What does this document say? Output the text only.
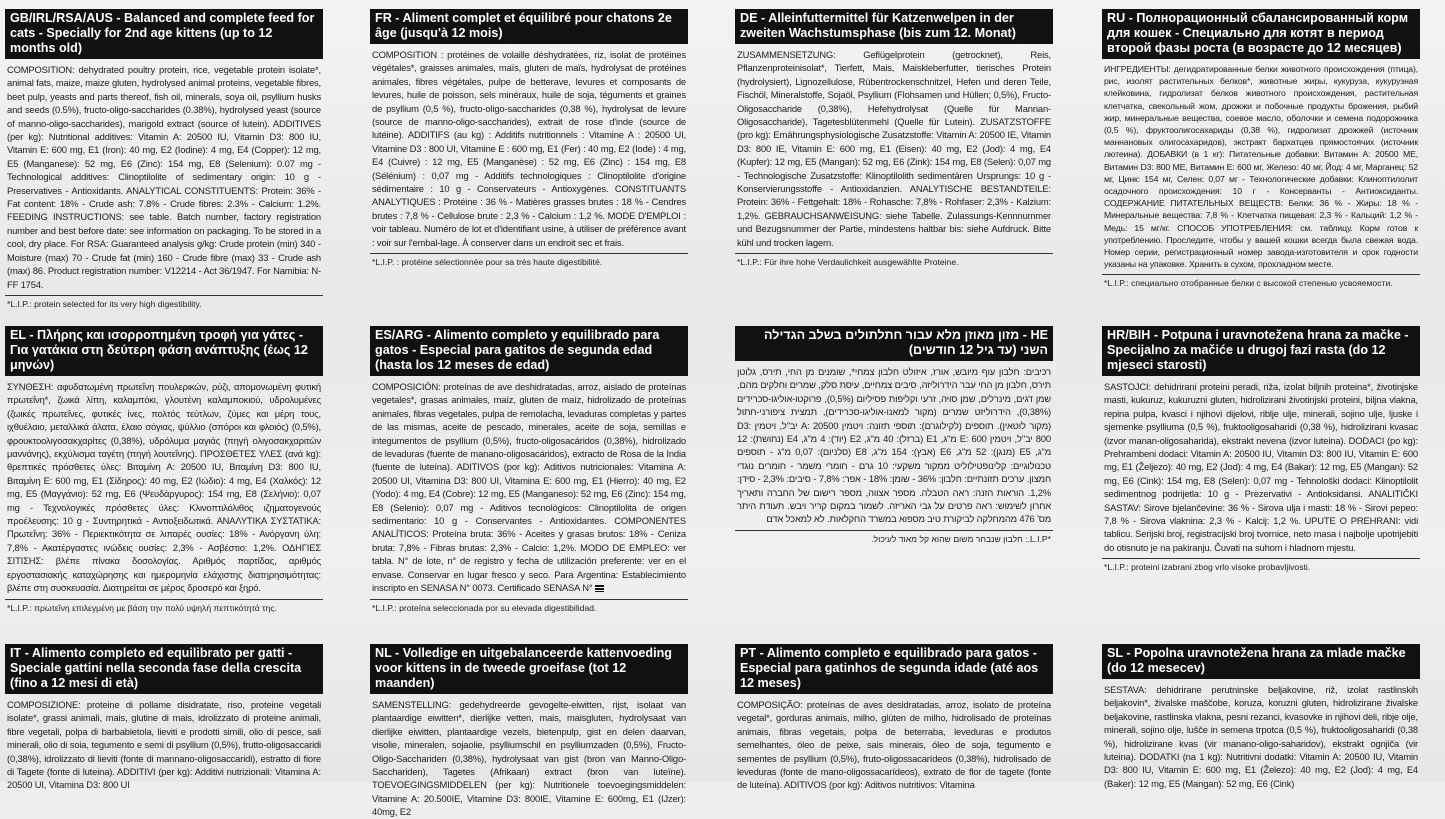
GB/IRL/RSA/AUS - Balanced and complete feed for cats - Specially for 2nd age kittens (up to 12 months old)
COMPOSITION: dehydrated poultry protein, rice, vegetable protein isolate*, animal fats, maize, maize gluten, hydrolysed animal proteins, vegetable fibres, beet pulp, yeasts and parts thereof, fish oil, minerals, soya oil, psyllium husks and seeds (0.5%), fructo-oligo-saccharides (0.38%), hydrolysed yeast (source of manno-oligo-saccharides), marigold extract (source of lutein). ADDITIVES (per kg): Nutritional additives: Vitamin A: 20500 IU, Vitamin D3: 800 IU, Vitamin E: 600 mg, E1 (Iron): 40 mg, E2 (Iodine): 4 mg, E4 (Copper): 12 mg, E5 (Manganese): 52 mg, E6 (Zinc): 154 mg, E8 (Selenium): 0.07 mg - Technological additives: Clinoptilolite of sedimentary origin: 10 g - Preservatives - Antioxidants. ANALYTICAL CONSTITUENTS: Protein: 36% - Fat content: 18% - Crude ash: 7.8% - Crude fibres: 2.3% - Calcium: 1.2%. FEEDING INSTRUCTIONS: see table. Batch number, factory registration number and best before date: see information on packaging. To be stored in a cool, dry place. For RSA: Guaranteed analysis g/kg: Crude protein (min) 340 - Moisture (max) 70 - Crude fat (min) 160 - Crude fibre (max) 33 - Crude ash (max) 86. Product registration number: V12214 - Act 36/1947. For Namibia: N-FF 1754.
*L.I.P.: protein selected for its very high digestibility.
FR - Aliment complet et équilibré pour chatons 2e âge (jusqu'à 12 mois)
COMPOSITION : protéines de volaille déshydratées, riz, isolat de protéines végétales*, graisses animales, maïs, gluten de maïs, hydrolysat de protéines animales, fibres végétales, pulpe de betterave, levures et composants de levures, huile de poisson, sels minéraux, huile de soja, téguments et graines de psyllium (0,5 %), fructo-oligo-saccharides (0,38 %), hydrolysat de levure (source de manno-oligo-saccharides), extrait de rose d'inde (source de lutéine). ADDITIFS (au kg) : Additifs nutritionnels : Vitamine A : 20500 UI, Vitamine D3 : 800 UI, Vitamine E : 600 mg, E1 (Fer) : 40 mg, E2 (Iode) : 4 mg, E4 (Cuivre) : 12 mg, E5 (Manganèse) : 52 mg, E6 (Zinc) : 154 mg, E8 (Sélénium) : 0,07 mg - Additifs technologiques : Clinoptilolite d'origine sédimentaire : 10 g - Conservateurs - Antioxygènes. CONSTITUANTS ANALYTIQUES : Protéine : 36 % - Matières grasses brutes : 18 % - Cendres brutes : 7,8 % - Cellulose brute : 2,3 % - Calcium : 1,2 %. MODE D'EMPLOI : voir tableau. Numéro de lot et d'identifiant usine, à utiliser de préférence avant : voir sur l'embal-lage. À conserver dans un endroit sec et frais.
*L.I.P. : protéine sélectionnée pour sa très haute digestibilité.
DE - Alleinfuttermittel für Katzenwelpen in der zweiten Wachstumsphase (bis zum 12. Monat)
ZUSAMMENSETZUNG: Geflügelprotein (getrocknet), Reis, Pflanzenproteinisolat*, Tierfett, Mais, Maiskleberfutter, tierisches Protein (hydrolysiert), Lignozellulose, Rübentrockenschnitzel, Hefen und deren Teile, Fischöl, Mineralstoffe, Sojaöl, Psyllium (Flohsamen und Hüllen; 0,5%), Fructo-Oligosaccharide (0,38%), Hefehydrolysat (Quelle für Mannan-Oligosaccharide), Tagetesblütenmehl (Quelle für Lutein). ZUSATZSTOFFE (pro kg): Ernährungsphysiologische Zusatzstoffe: Vitamin A: 20500 IE, Vitamin D3: 800 IE, Vitamin E: 600 mg, E1 (Eisen): 40 mg, E2 (Jod): 4 mg, E4 (Kupfer): 12 mg, E5 (Mangan): 52 mg, E6 (Zink): 154 mg, E8 (Selen): 0,07 mg - Technologische Zusatzstoffe: Klinoptilolith sedimentären Ursprungs: 10 g - Konservierungsstoffe - Antioxidanzien. ANALYTISCHE BESTANDTEILE: Protein: 36% - Fettgehalt: 18% - Rohasche: 7,8% - Rohfaser: 2,3% - Kalzium: 1,2%. GEBRAUCHSANWEISUNG: siehe Tabelle. Zulassungs-Kennnummer und Bezugsnummer der Partie, mindestens haltbar bis: siehe Aufdruck. Bitte kühl und trocken lagern.
*L.I.P.: Für ihre hohe Verdaulichkeit ausgewählte Proteine.
RU - Полнорационный сбалансированный корм для кошек - Специально для котят в период второй фазы роста (в возрасте до 12 месяцев)
ИНГРЕДИЕНТЫ: дегидратированные белки животного происхождения (птица), рис, изолят растительных белков*, животные жиры, кукуруза, кукурузная клейковина, гидролизат белков животного происхождения, растительная клетчатка, свекольный жом, дрожжи и побочные продукты брожения, рыбий жир, минеральные вещества, соевое масло, оболочки и семена подорожника (0,5 %), фруктоолигосахариды (0,38 %), гидролизат дрожжей (источник маннановых олигосахаридов), экстракт бархатцев прямостоячих (источник лютеина). ДОБАВКИ (в 1 кг): Питательные добавки: Витамин A: 20500 МЕ, Витамин D3: 800 МЕ, Витамин E: 600 мг, Железо: 40 мг, Йод: 4 мг, Марганец: 52 мг, Цинк: 154 мг, Селен: 0,07 мг - Технологические добавки: Клиноптилолит осадочного происхождения: 10 г - Консерванты - Антиоксиданты. СОДЕРЖАНИЕ ПИТАТЕЛЬНЫХ ВЕЩЕСТВ: Белки: 36 % - Жиры: 18 % - Минеральные вещества: 7,8 % - Клетчатка пищевая: 2,3 % - Кальций: 1,2 % - Медь: 15 мг/кг. СПОСОБ УПОТРЕБЛЕНИЯ: см. таблицу. Корм готов к употреблению. Проследите, чтобы у вашей кошки всегда была свежая вода. Номер серии, регистрационный номер завода-изготовителя и срок годности указаны на упаковке. Хранить в сухом, прохладном месте.
*L.I.P.: специально отобранные белки с высокой степенью усвояемости.
EL - Πλήρης και ισορροπημένη τροφή για γάτες - Για γατάκια στη δεύτερη φάση ανάπτυξης (έως 12 μηνών)
ΣΥΝΘΕΣΗ: αφυδατωμένη πρωτεΐνη πουλερικών, ρύζι, απομονωμένη φυτική πρωτεΐνη*, ζωικά λίπη, καλαμπόκι, γλουτένη καλαμποκιού, υδρολυμένες (ζωικές πρωτεΐνες, φυτικές ίνες, πολτός τεύτλων, ζύμες και μέρη τους, ιχθυέλαιο, μεταλλικά άλατα, έλαιο σόγιας, ψύλλιο (σπόροι και φλοιός) (0,5%), φρουκτοολιγοσακχαρίτες (0,38%), υδρόλυμα μαγιάς (πηγή ολιγοσακχαριτών μαννάνης), εκχύλισμα ταγέτη (πηγή λουτεΐνης). ΠΡΟΣΘΕΤΕΣ ΥΛΕΣ (ανά kg): θρεπτικές πρόσθετες ύλες: Βιταμίνη A: 20500 IU, Βιταμίνη D3: 800 IU, Βιταμίνη E: 600 mg, E1 (Σίδηρος): 40 mg, E2 (Ιώδιο): 4 mg, E4 (Χαλκός): 12 mg, E5 (Μαγγάνιο): 52 mg, E6 (Ψευδάργυρος): 154 mg, E8 (Σελήνιο): 0,07 mg - Τεχνολογικές πρόσθετες ύλες: Κλινοπτιλόλιθος ιζηματογενούς προέλευσης: 10 g - Συντηρητικά - Αντιοξειδωτικά. ΑΝΑΛΥΤΙΚΑ ΣΥΣΤΑΤΙΚΑ: Πρωτεΐνη: 36% - Περιεκτικότητα σε λιπαρές ουσίες: 18% - Ανόργανη ύλη: 7,8% - Ακατέργαστες ινώδεις ουσίες: 2,3% - Ασβέστιο: 1,2%. ΟΔΗΓΙΕΣ ΣΙΤΙΣΗΣ: βλέπε πίνακα δοσολογίας. Αριθμός παρτίδας, αριθμός εργοστασιακής καταχώρησης και ημερομηνία ελάχιστης διατηρησιμότητας: βλέπε στη συσκευασία. Διατηρείται σε μέρος δροσερό και ξηρό.
*L.I.P.: πρωτεΐνη επιλεγμένη με βάση την πολύ υψηλή πεπτικότητά της.
ES/ARG - Alimento completo y equilibrado para gatos - Especial para gatitos de segunda edad (hasta los 12 meses de edad)
COMPOSICIÓN: proteínas de ave deshidratadas, arroz, aislado de proteínas vegetales*, grasas animales, maíz, gluten de maíz, hidrolizado de proteínas animales, fibras vegetales, pulpa de remolacha, levaduras completas y partes de las mismas, aceite de pescado, minerales, aceite de soja, semillas e integumentos de psyllium (0,5%), fructo-oligosacáridos (0,38%), hidrolizado de levaduras (fuente de manano-oligosacáridos), extracto de Rosa de la India (fuente de luteína). ADITIVOS (por kg): Aditivos nutricionales: Vitamina A: 20500 UI, Vitamina D3: 800 UI, Vitamina E: 600 mg, E1 (Hierro): 40 mg, E2 (Yodo): 4 mg, E4 (Cobre): 12 mg, E5 (Manganeso): 52 mg, E6 (Zinc): 154 mg, E8 (Selenio): 0,07 mg - Aditivos tecnológicos: Clinoptilolita de origen sedimentario: 10 g - Conservantes - Antioxidantes. COMPONENTES ANALÍTICOS: Proteína bruta: 36% - Aceites y grasas brutos: 18% - Ceniza bruta: 7,8% - Fibras brutas: 2,3% - Calcio: 1,2%. MODO DE EMPLEO: ver tabla. N° de lote, n° de registro y fecha de utilización preferente: ver en el envase. Conservar en lugar fresco y seco. Para Argentina: Establecimiento inscripto en SENASA N° 0073. Certificado SENASA N°
*L.I.P.: proteína seleccionada por su elevada digestibilidad.
HE - מזון מאוזן מלא עבור חתלתולים בשלב הגדילה השני (עד גיל 12 חודשים)
רכיבים: חלבון עוף מיובש, אורז, איזולט חלבון צמחי*, שומנים מן החי, תירס, גלוטן תירס, חלבון מן החי עבר הידרוליזה, סיבים צמחיים, עיסת סלק, שמרים וחלקים מהם, שמן דגים, מינרלים, שמן סויה, זרעי וקליפות פסיליום (0,5%), פרוקטו-אוליגו-סכרידים (0,38%), הידרוליזט שמרים (מקור למאנו-אוליגו-סכרידים), תמצית ציפורני-חתול (מקור לוטאין). תוספים (לקילוגרם): תוספי תזונה: ויטמין A: 20500 יב"ל, ויטמין D3: 800 יב"ל, ויטמין E: 600 מ"ג, E1 (ברזל): 40 מ"ג, E2 (יוד): 4 מ"ג, E4 (נחושת): 12 מ"ג, E5 (מנגן): 52 מ"ג, E6 (אבץ): 154 מ"ג, E8 (סלניום): 0,07 מ"ג - תוספים טכנולוגיים: קלינופטילוליט ממקור משקעי: 10 גרם - חומרי משמר - חומרים נוגדי חמצון. ערכים תזונתיים: חלבון: 36% - שומן: 18% - אפר: 7,8% - סיבים: 2,3% - סידן: 1,2%. הוראות הזנה: ראה הטבלה. מספר אצווה, מספר רישום של החברה ותאריך אחרון לשימוש: ראה פרטים על גבי האריזה. לשמור במקום קריר ויבש. תעודת היתר מס' 476 מהמחלקה לביקורת טיב מספוא במשרד החקלאות. לא למאכל אדם
*L.I.P.: חלבון שנבחר משום שהוא קל מאוד לעיכול.
HR/BIH - Potpuna i uravnotežena hrana za mačke - Specijalno za mačiće u drugoj fazi rasta (do 12 mjeseci starosti)
SASTOJCI: dehidrirani proteini peradi, riža, izolat biljnih proteina*, životinjske masti, kukuruz, kukuruzni gluten, hidrolizirani životinjski proteini, biljna vlakna, repina pulpa, kvasci i njihovi dijelovi, riblje ulje, minerali, sojino ulje, ljuske i sjemenke psylliuma (0,5 %), fruktooligosaharidi (0,38 %), hidrolizirani kvasac (izvor manan-oligosaharida), ekstrakt nevena (izvor luteina). DODACI (po kg): Prehrambeni dodaci: Vitamin A: 20500 IU, Vitamin D3: 800 IU, Vitamin E: 600 mg, E1 (Željezo): 40 mg, E2 (Jod): 4 mg, E4 (Bakar): 12 mg, E5 (Mangan): 52 mg, E6 (Cink): 154 mg, E8 (Selen): 0,07 mg - Tehnološki dodaci: Klinoptilolit sedimentnog podrijetla: 10 g - Prezervativi - Antioksidansi. ANALITIČKI SASTAV: Sirove bjelančevine: 36 % - Sirova ulja i masti: 18 % - Sirovi pepeo: 7,8 % - Sirova vlaknina: 2,3 % - Kalcij: 1,2 %. UPUTE O PREHRANI: vidi tablicu. Serijski broj, registracijski broj tvornice, neto masa i najbolje upotrijebiti do otisnuto je na pakiranju. Čuvati na suhom i hladnom mjestu.
*L.I.P.: proteini izabrani zbog vrlo visoke probavljivosti.
IT - Alimento completo ed equilibrato per gatti - Speciale gattini nella seconda fase della crescita (fino a 12 mesi di età)
COMPOSIZIONE: proteine di pollame disidratate, riso, proteine vegetali isolate*, grassi animali, mais, glutine di mais, idrolizzato di proteine animali, fibre vegetali, polpa di barbabietola, lieviti e prodotti simili, olio di pesce, sali minerali, olio di soia, tegumento e semi di psyllium (0,5%), frutto-oligosaccaridi (0,38%), idrolizzato di lieviti (fonte di mannano-oligosaccaridi), estratto di fiore di Tagete (fonte di luteina). ADDITIVI (per kg): Additivi nutrizionali: Vitamina A: 20500 UI, Vitamina D3: 800 UI
NL - Volledige en uitgebalanceerde kattenvoeding voor kittens in de tweede groeifase (tot 12 maanden)
SAMENSTELLING: gedehydreerde gevogelte-eiwitten, rijst, isolaat van plantaardige eiwitten*, dierlijke vetten, mais, maisgluten, hydrolysaat van dierlijke eiwitten, plantaardige vezels, bietenpulp, gist en delen daarvan, visolie, mineralen, sojaolie, psylliumschil en psylliumzaden (0,5%), Fructo-Oligo-Sacchariden (0,38%), hydrolysaat van gist (bron van Manno-Oligo-Sacchariden), Tagetes (Afrikaan) extract (bron van luteïne). TOEVOEGINGSMIDDELEN (per kg): Nutritionele toevoegingsmiddelen: Vitamine A: 20.500IE, Vitamine D3: 800IE, Vitamine E: 600mg, E1 (IJzer): 40mg, E2
PT - Alimento completo e equilibrado para gatos - Especial para gatinhos de segunda idade (até aos 12 meses)
COMPOSIÇÃO: proteínas de aves desidratadas, arroz, isolato de proteína vegetal*, gorduras animais, milho, glúten de milho, hidrolisado de proteínas animais, fibras vegetais, polpa de beterraba, leveduras e produtos semelhantes, óleo de peixe, sais minerais, óleo de soja, tegumento e sementes de psyllium (0,5%), fruto-oligossacarídeos (0,38%), hidrolisado de leveduras (fonte de mano-oligossacarídeos), extrato de flor de tagete (fonte de luteína). ADITIVOS (por kg): Aditivos nutritivos: Vitamina
SL - Popolna uravnotežena hrana za mlade mačke (do 12 mesecev)
SESTAVA: dehidrirane perutninske beljakovine, riž, izolat rastlinskih beljakovin*, živalske maščobe, koruza, koruzni gluten, hidrolizirane živalske beljakovine, rastlinska vlakna, pesni rezanci, kvasovke in njihovi deli, ribje olje, minerali, sojino olje, lušče in semena trpotca (0,5 %), fruktooligosaharidi (0,38 %), hidrolizirane kvas (vir manano-oligo-saharidov), ekstrakt ognjiča (vir luteina). DODATKI (na 1 kg): Nutritivni dodatki: Vitamin A: 20500 IU, Vitamin D3: 800 IU, Vitamin E: 600 mg, E1 (Železo): 40 mg, E2 (Jod): 4 mg, E4 (Baker): 12 mg, E5 (Mangan): 52 mg, E6 (Cink)
